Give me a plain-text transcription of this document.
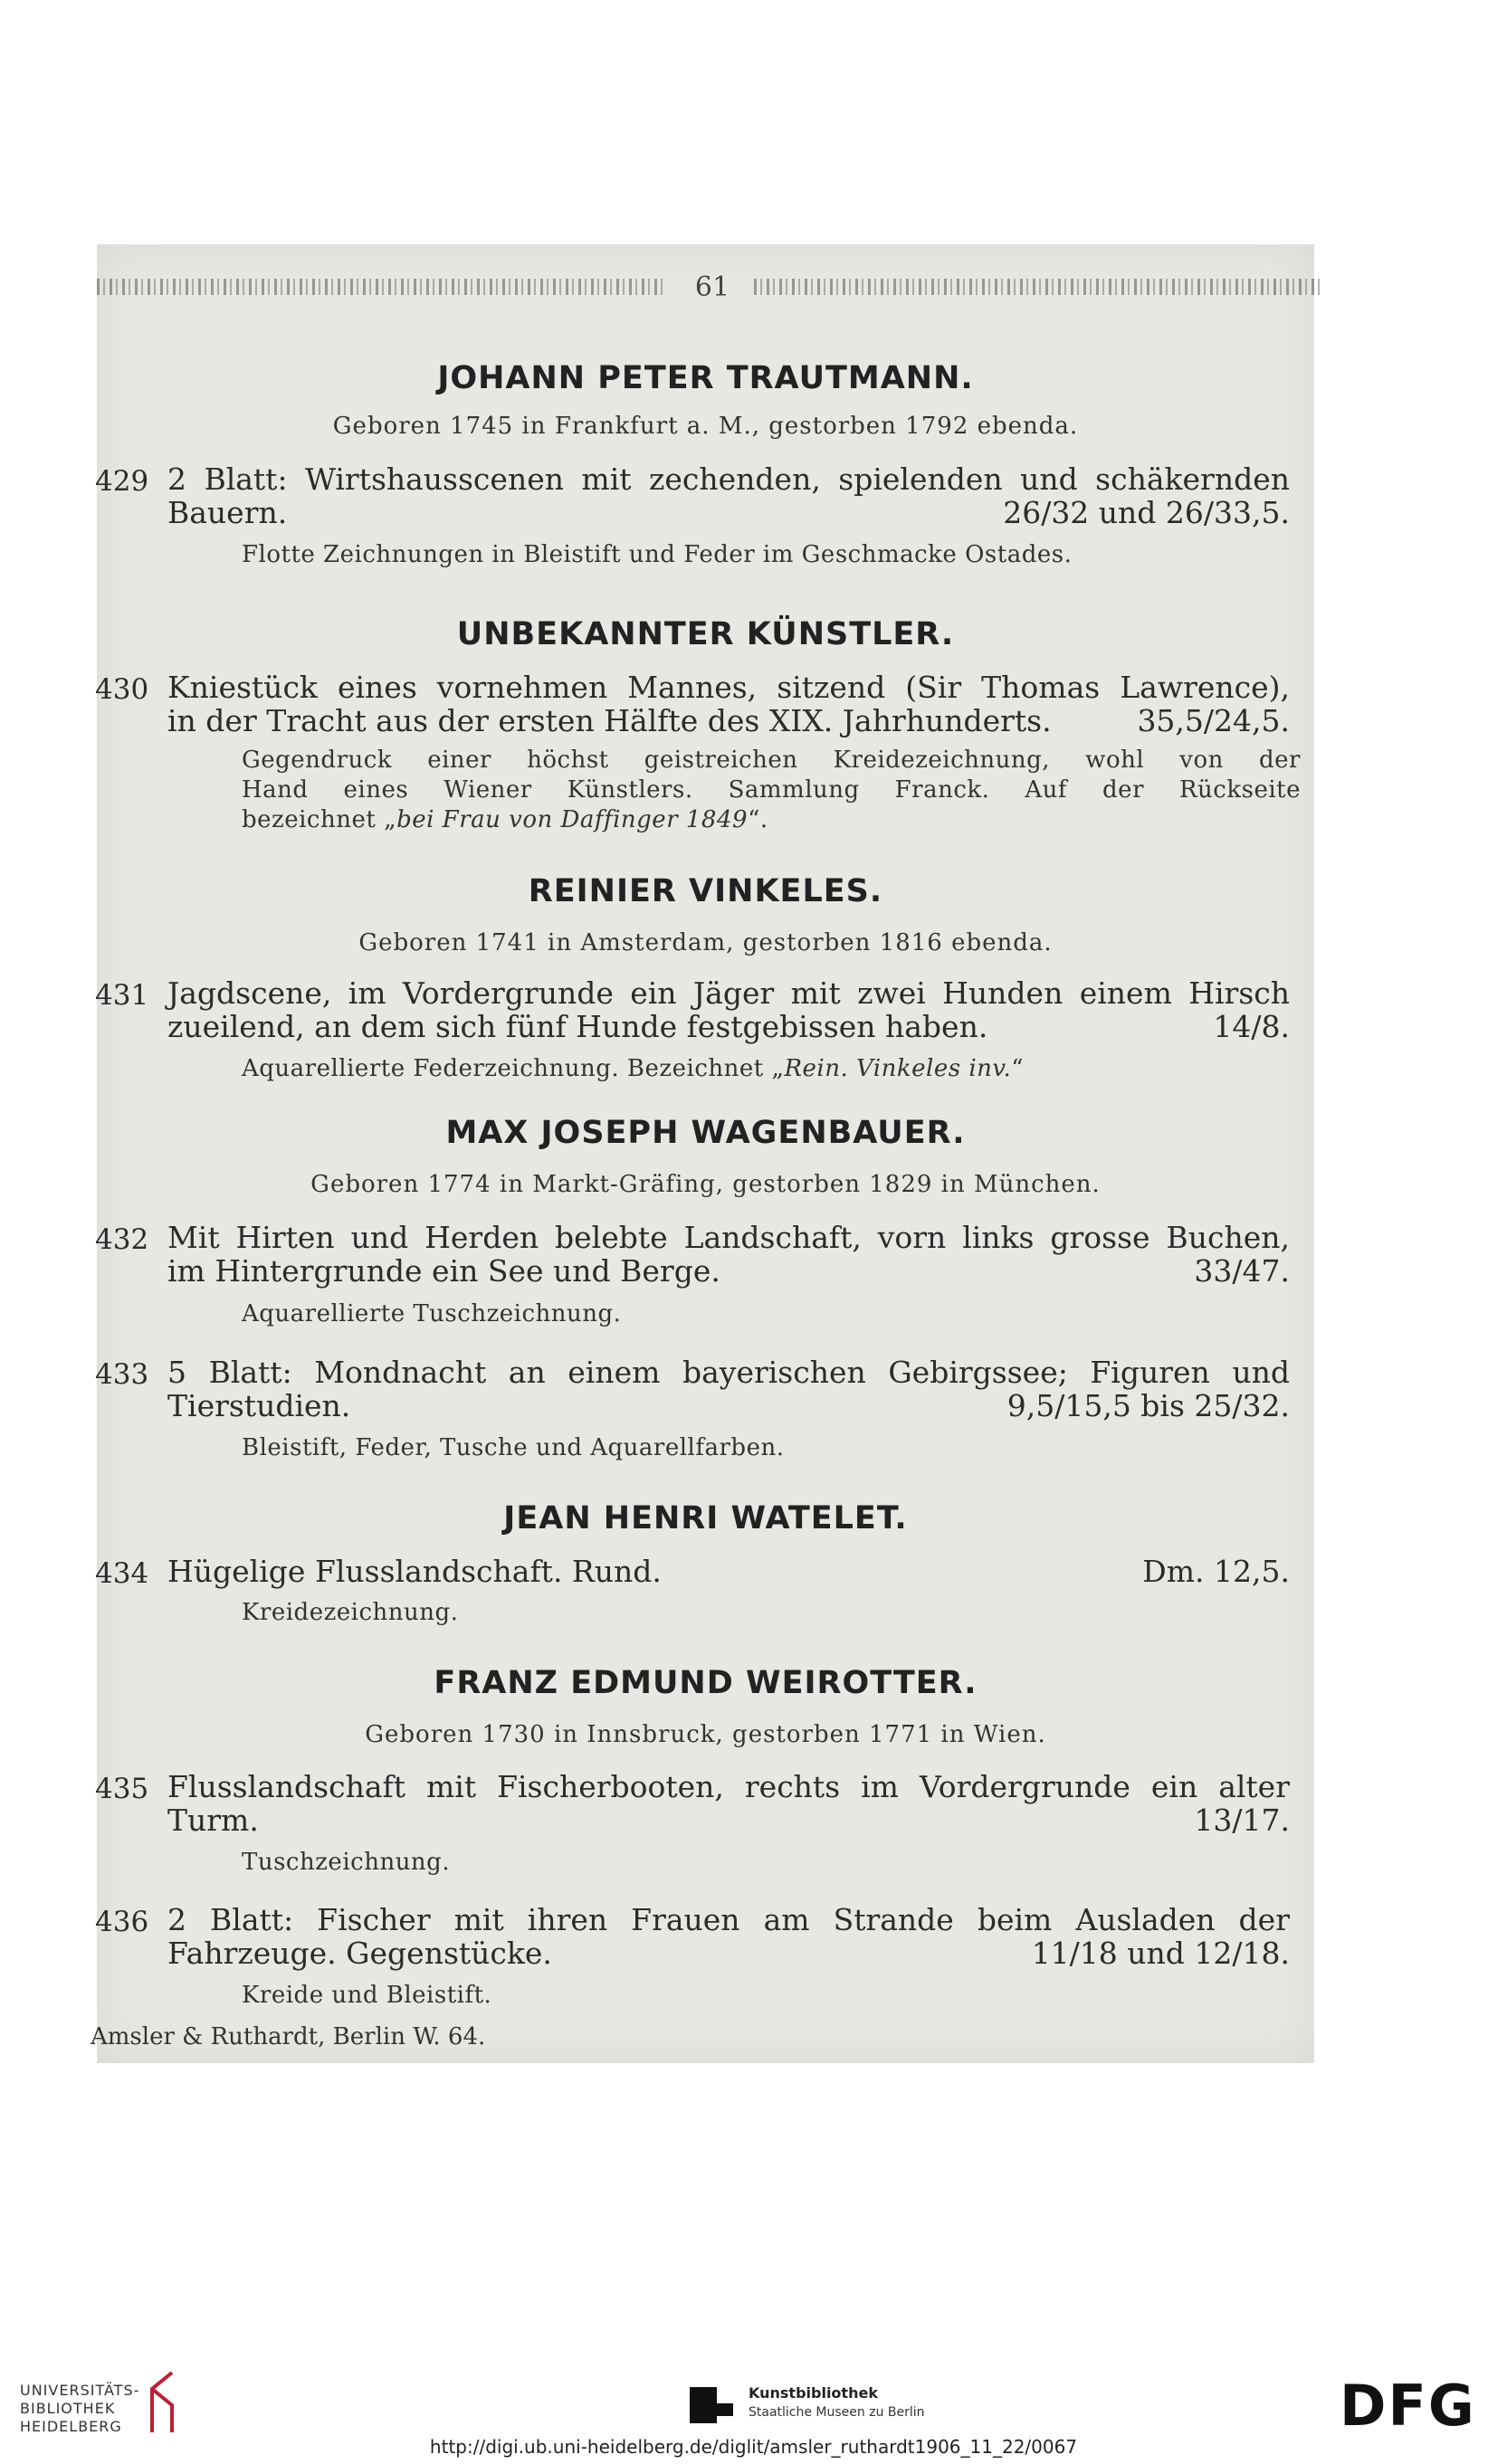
61
JOHANN PETER TRAUTMANN.
Geboren 1745 in Frankfurt a. M., gestorben 1792 ebenda.
429 2 Blatt: Wirtshausscenen mit zechenden, spielenden und schäkernden
Bauern.	26/32 und 26/33,5.
Flotte Zeichnungen in Bleistift und Feder im Geschmacke Ostades.
UNBEKANNTER KÜNSTLER.
430 Kniestück eines vornehmen Mannes, sitzend (Sir Thomas Lawrence),
in der Tracht aus der ersten Hälfte des XIX. Jahrhunderts.	35,5/24,5.
Gegendruck einer höchst geistreichen Kreidezeichnung, wohl von der
Hand eines Wiener Künstlers. Sammlung Franck. Auf der Rückseite
bezeichnet „bei Frau von Daffinger 1849“.
REINIER VINKELES.
Geboren 1741 in Amsterdam, gestorben 1816 ebenda.
431 Jagdscene, im Vordergrunde ein Jäger mit zwei Hunden einem Hirsch
zueilend, an dem sich fünf Hunde festgebissen haben.	14/8.
Aquarellierte Federzeichnung. Bezeichnet „Rein. Vinkeles inv.“
MAX JOSEPH WAGENBAUER.
Geboren 1774 in Markt-Gräfing, gestorben 1829 in München.
432 Mit Hirten und Herden belebte Landschaft, vorn links grosse Buchen,
im Hintergrunde ein See und Berge.	33/47.
Aquarellierte Tuschzeichnung.
433 5 Blatt: Mondnacht an einem bayerischen Gebirgssee; Figuren und
Tierstudien.	9,5/15,5 bis 25/32.
Bleistift, Feder, Tusche und Aquarellfarben.
JEAN HENRI WATELET.
434 Hügelige Flusslandschaft. Rund.	Dm. 12,5.
Kreidezeichnung.
FRANZ EDMUND WEIROTTER.
Geboren 1730 in Innsbruck, gestorben 1771 in Wien.
435 Flusslandschaft mit Fischerbooten, rechts im Vordergrunde ein alter
Turm.	13/17.
Tuschzeichnung.
436 2 Blatt: Fischer mit ihren Frauen am Strande beim Ausladen der
Fahrzeuge. Gegenstücke.	11/18 und 12/18.
Kreide und Bleistift.
Amsler & Ruthardt, Berlin W. 64.
UNIVERSITÄTS-
BIBLIOTHEK
HEIDELBERG
Kunstbibliothek
Staatliche Museen zu Berlin	DFG
http://digi.ub.uni-heidelberg.de/diglit/amsler_ruthardt1906_11_22/0067
